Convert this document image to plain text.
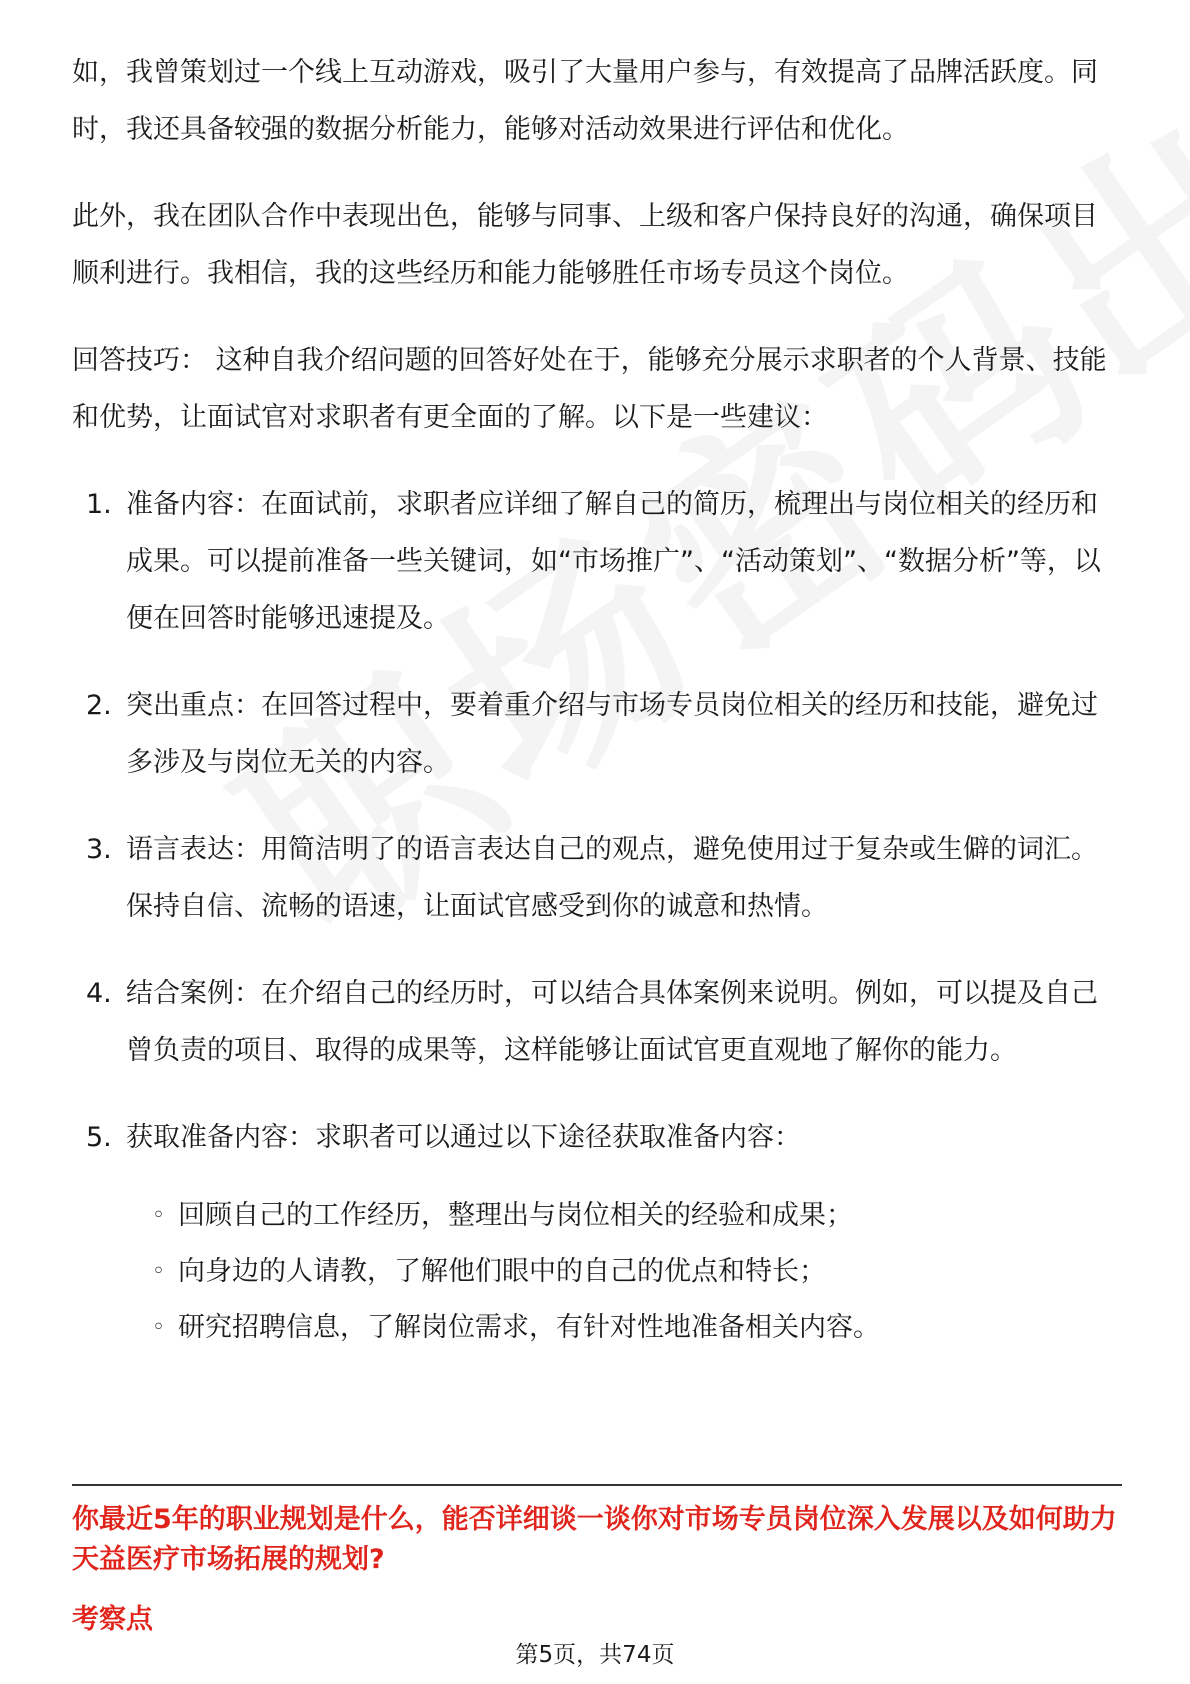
如，我曾策划过一个线上互动游戏，吸引了大量用户参与，有效提高了品牌活跃度。同时，我还具备较强的数据分析能力，能够对活动效果进行评估和优化。

此外，我在团队合作中表现出色，能够与同事、上级和客户保持良好的沟通，确保项目顺利进行。我相信，我的这些经历和能力能够胜任市场专员这个岗位。

回答技巧： 这种自我介绍问题的回答好处在于，能够充分展示求职者的个人背景、技能和优势，让面试官对求职者有更全面的了解。以下是一些建议：

1. 准备内容：在面试前，求职者应详细了解自己的简历，梳理出与岗位相关的经历和成果。可以提前准备一些关键词，如“市场推广”、“活动策划”、“数据分析”等，以便在回答时能够迅速提及。
2. 突出重点：在回答过程中，要着重介绍与市场专员岗位相关的经历和技能，避免过多涉及与岗位无关的内容。
3. 语言表达：用简洁明了的语言表达自己的观点，避免使用过于复杂或生僻的词汇。保持自信、流畅的语速，让面试官感受到你的诚意和热情。
4. 结合案例：在介绍自己的经历时，可以结合具体案例来说明。例如，可以提及自己曾负责的项目、取得的成果等，这样能够让面试官更直观地了解你的能力。
5. 获取准备内容：求职者可以通过以下途径获取准备内容：
◦ 回顾自己的工作经历，整理出与岗位相关的经验和成果；
◦ 向身边的人请教，了解他们眼中的自己的优点和特长；
◦ 研究招聘信息，了解岗位需求，有针对性地准备相关内容。
你最近5年的职业规划是什么，能否详细谈一谈你对市场专员岗位深入发展以及如何助力天益医疗市场拓展的规划?
考察点
第5页，共74页
